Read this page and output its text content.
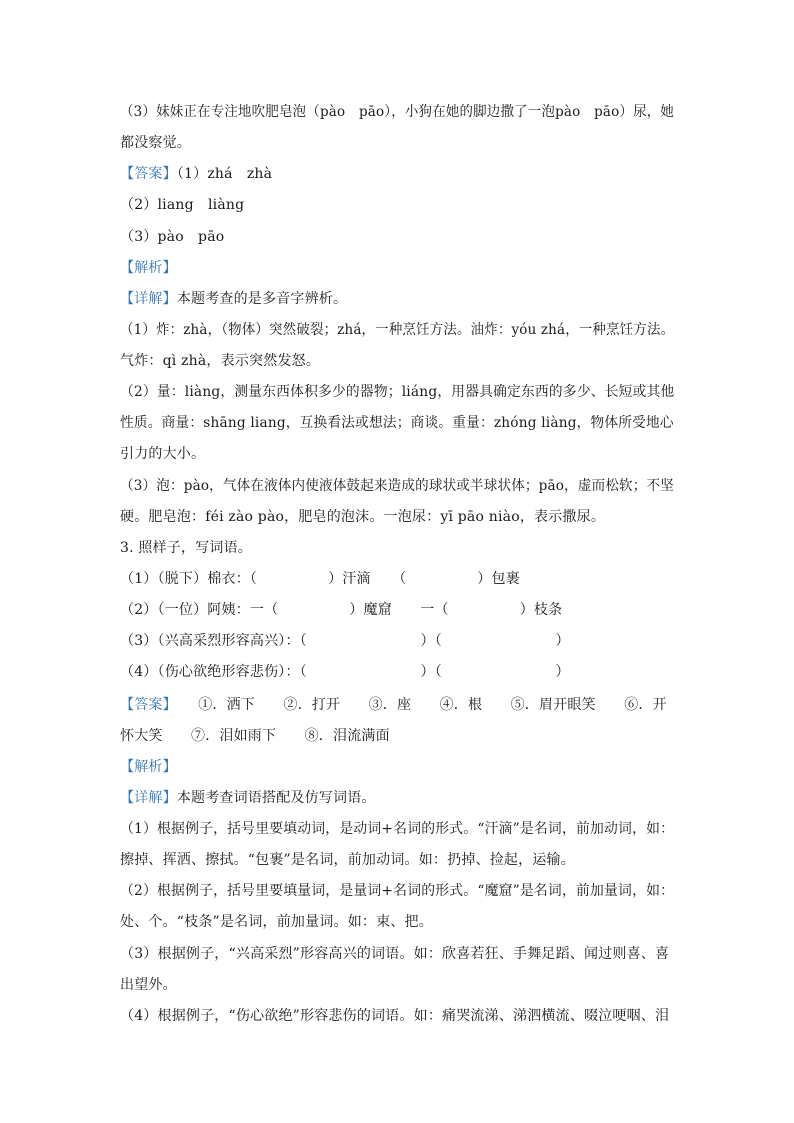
（3）妹妹正在专注地吹肥皂泡（pào　pāo），小狗在她的脚边撒了一泡pào　pāo）尿，她
都没察觉。
【答案】（1）zhá　zhà
（2）liang　liàng
（3）pào　pāo
【解析】
【详解】本题考查的是多音字辨析。
（1）炸：zhà，（物体）突然破裂；zhá，一种烹饪方法。油炸：yóu zhá，一种烹饪方法。
气炸：qì zhà，表示突然发怒。
（2）量：liàng，测量东西体积多少的器物；liáng，用器具确定东西的多少、长短或其他
性质。商量：shāng liang，互换看法或想法；商谈。重量：zhóng liàng，物体所受地心
引力的大小。
（3）泡：pào，气体在液体内使液体鼓起来造成的球状或半球状体；pāo，虚而松软；不坚
硬。肥皂泡：féi zào pào，肥皂的泡沫。一泡尿：yī pāo niào，表示撒尿。
3. 照样子，写词语。
（1）（脱下）棉衣：（　　　　　）汗滴　　（　　　　　）包裹
（2）（一位）阿姨：一（　　　　　）魔窟　　一（　　　　　）枝条
（3）（兴高采烈形容高兴）：（　　　　　　　　）（　　　　　　　　）
（4）（伤心欲绝形容悲伤）：（　　　　　　　　）（　　　　　　　　）
【答案】　　①．洒下　　②．打开　　③．座　　④．根　　⑤．眉开眼笑　　⑥．开
怀大笑　　⑦．泪如雨下　　⑧．泪流满面
【解析】
【详解】本题考查词语搭配及仿写词语。
（1）根据例子，括号里要填动词，是动词+名词的形式。“汗滴”是名词，前加动词，如：
擦掉、挥洒、擦拭。“包裹”是名词，前加动词。如：扔掉、捡起，运输。
（2）根据例子，括号里要填量词，是量词+名词的形式。“魔窟”是名词，前加量词，如：
处、个。“枝条”是名词，前加量词。如：束、把。
（3）根据例子，“兴高采烈”形容高兴的词语。如：欣喜若狂、手舞足蹈、闻过则喜、喜
出望外。
（4）根据例子，“伤心欲绝”形容悲伤的词语。如：痛哭流涕、涕泗横流、啜泣哽咽、泪
